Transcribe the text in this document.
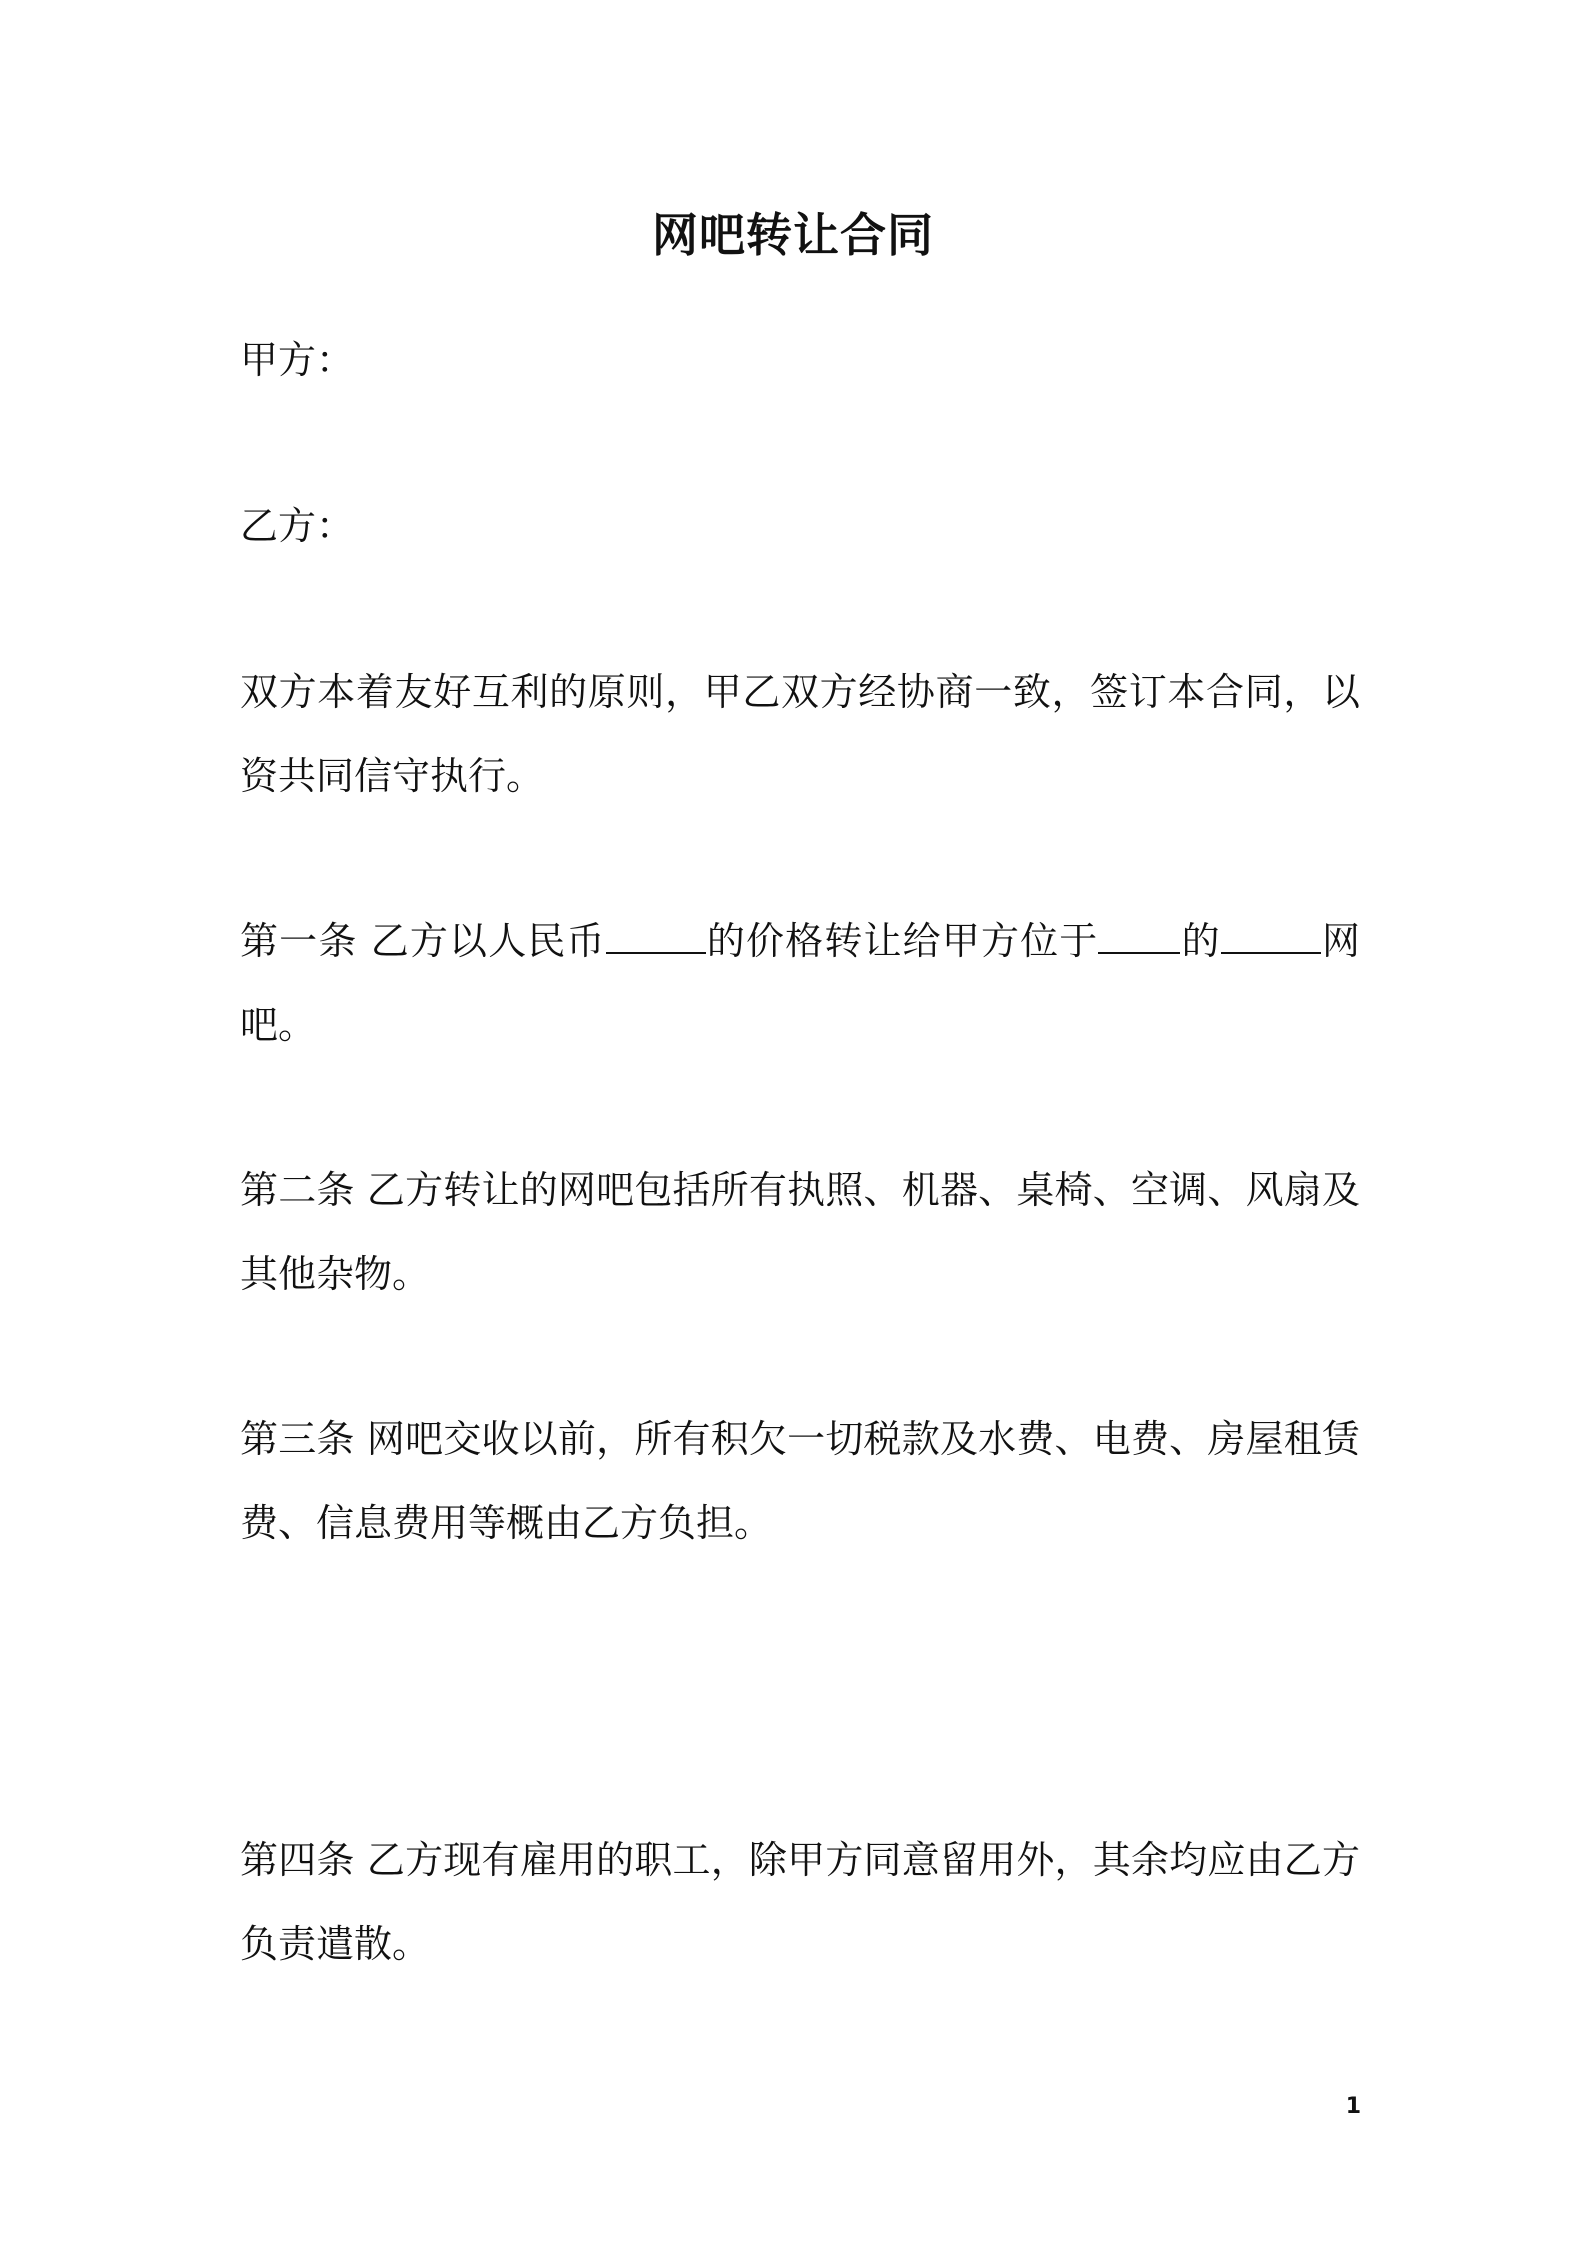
网吧转让合同

甲方：

乙方：

双方本着友好互利的原则，甲乙双方经协商一致，签订本合同，以资共同信守执行。

第一条 乙方以人民币	的价格转让给甲方位于 的	网吧。

第二条 乙方转让的网吧包括所有执照、机器、桌椅、空调、风扇及其他杂物。

第三条 网吧交收以前，所有积欠一切税款及水费、电费、房屋租赁费、信息费用等概由乙方负担。

第四条 乙方现有雇用的职工，除甲方同意留用外，其余均应由乙方负责遣散。

1
